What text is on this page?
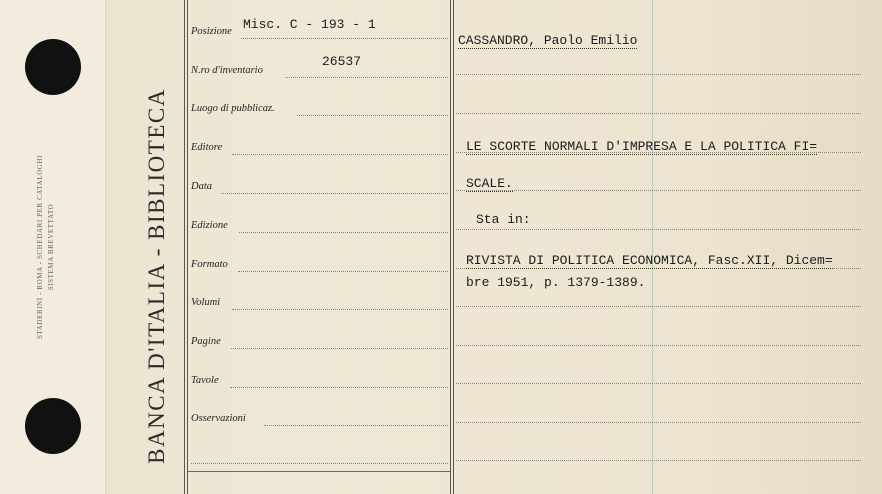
STADERINI - ROMA - SCHEDARI PER CATALOGHI SISTEMA BREVETTATO	BANCA D'ITALIA - BIBLIOTECA
Posizione
N.ro d'inventario
Luogo di pubblicaz.
Editore
Data
Edizione
Formato
Volumi
Pagine
Tavole
Osservazioni
Misc. C - 193 - 1
26537
CASSANDRO, Paolo Emilio
LE SCORTE NORMALI D'IMPRESA E LA POLITICA FI=
SCALE.
Sta in:
RIVISTA DI POLITICA ECONOMICA, Fasc.XII, Dicem=
bre 1951, p. 1379-1389.
